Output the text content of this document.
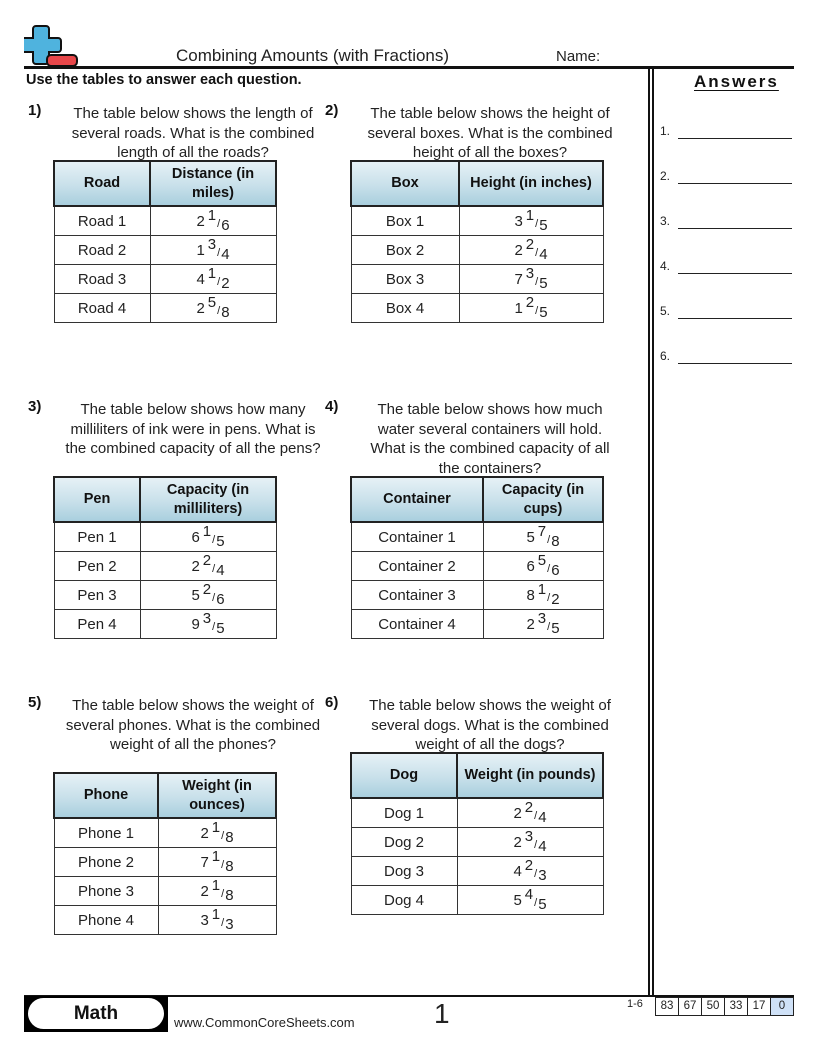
Combining Amounts (with Fractions)	Name:
Use the tables to answer each question.	Answers
1.
2.
3.
4.
5.
6.
1)	The table below shows the length of several roads. What is the combined length of all the roads?
Road	Distance (in miles)
Road 1	2 1/6
Road 2	1 3/4
Road 3	4 1/2
Road 4	2 5/8
2)	The table below shows the height of several boxes. What is the combined height of all the boxes?
Box	Height (in inches)
Box 1	3 1/5
Box 2	2 2/4
Box 3	7 3/5
Box 4	1 2/5
3)	The table below shows how many milliliters of ink were in pens. What is the combined capacity of all the pens?
Pen	Capacity (in milliliters)
Pen 1	6 1/5
Pen 2	2 2/4
Pen 3	5 2/6
Pen 4	9 3/5
4)	The table below shows how much water several containers will hold. What is the combined capacity of all the containers?
Container	Capacity (in cups)
Container 1	5 7/8
Container 2	6 5/6
Container 3	8 1/2
Container 4	2 3/5
5)	The table below shows the weight of several phones. What is the combined weight of all the phones?
Phone	Weight (in ounces)
Phone 1	2 1/8
Phone 2	7 1/8
Phone 3	2 1/8
Phone 4	3 1/3
6)	The table below shows the weight of several dogs. What is the combined weight of all the dogs?
Dog	Weight (in pounds)
Dog 1	2 2/4
Dog 2	2 3/4
Dog 3	4 2/3
Dog 4	5 4/5
Math	www.CommonCoreSheets.com	1	1-6	83 67 50 33 17	0
